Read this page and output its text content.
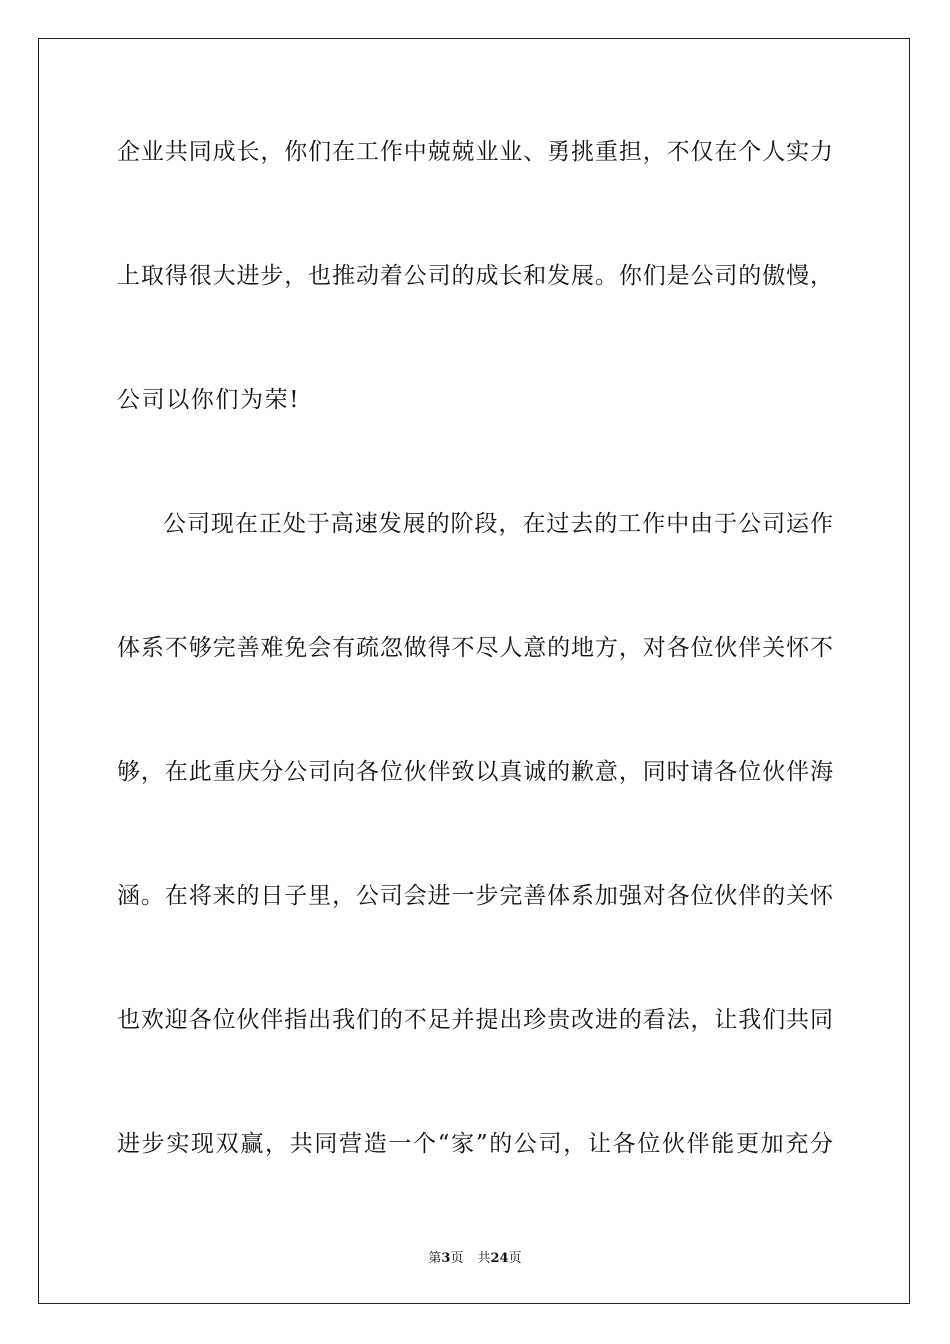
企业共同成长，你们在工作中兢兢业业、勇挑重担，不仅在个人实力
上取得很大进步，也推动着公司的成长和发展。你们是公司的傲慢，
公司以你们为荣!
公司现在正处于高速发展的阶段，在过去的工作中由于公司运作
体系不够完善难免会有疏忽做得不尽人意的地方，对各位伙伴关怀不
够，在此重庆分公司向各位伙伴致以真诚的歉意，同时请各位伙伴海
涵。在将来的日子里，公司会进一步完善体系加强对各位伙伴的关怀
也欢迎各位伙伴指出我们的不足并提出珍贵改进的看法，让我们共同
进步实现双赢，共同营造一个“家”的公司，让各位伙伴能更加充分
第3页 共24页
